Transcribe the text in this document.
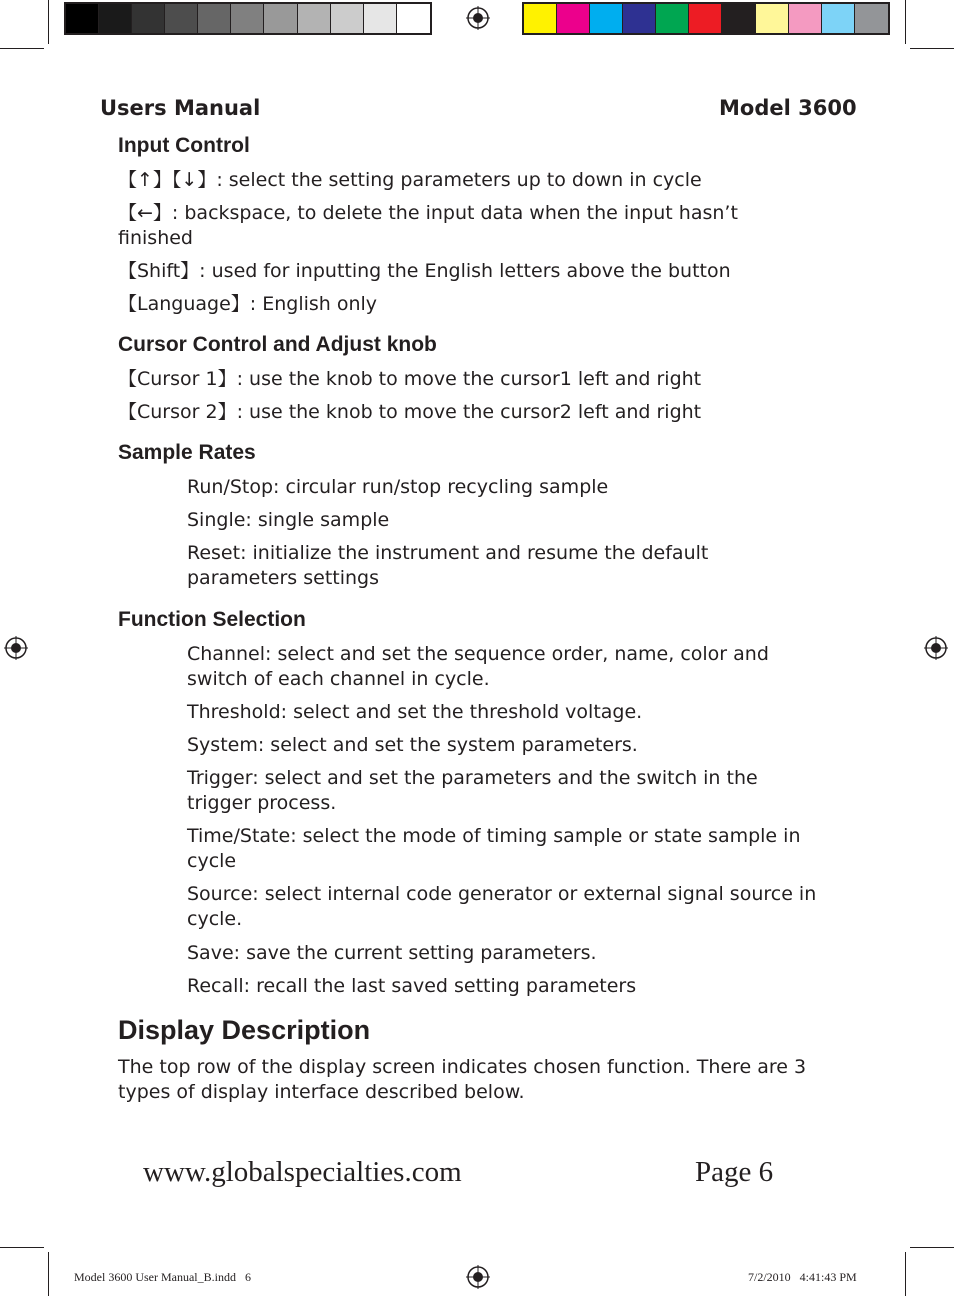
Users Manual	Model 3600
Input Control
【↑】【↓】: select the setting parameters up to down in cycle
【←】: backspace, to delete the input data when the input hasn’t finished
【Shift】: used for inputting the English letters above the button
【Language】: English only
Cursor Control and Adjust knob
【Cursor 1】: use the knob to move the cursor1 left and right
【Cursor 2】: use the knob to move the cursor2 left and right
Sample Rates
Run/Stop: circular run/stop recycling sample
Single: single sample
Reset: initialize the instrument and resume the default parameters settings
Function Selection
Channel: select and set the sequence order, name, color and switch of each channel in cycle.
Threshold: select and set the threshold voltage.
System: select and set the system parameters.
Trigger: select and set the parameters and the switch in the trigger process.
Time/State: select the mode of timing sample or state sample in cycle
Source: select internal code generator or external signal source in cycle.
Save: save the current setting parameters.
Recall: recall the last saved setting parameters
Display Description
The top row of the display screen indicates chosen function. There are 3 types of display interface described below.
www.globalspecialties.com	Page 6
Model 3600 User Manual_B.indd   6	7/2/2010   4:41:43 PM
